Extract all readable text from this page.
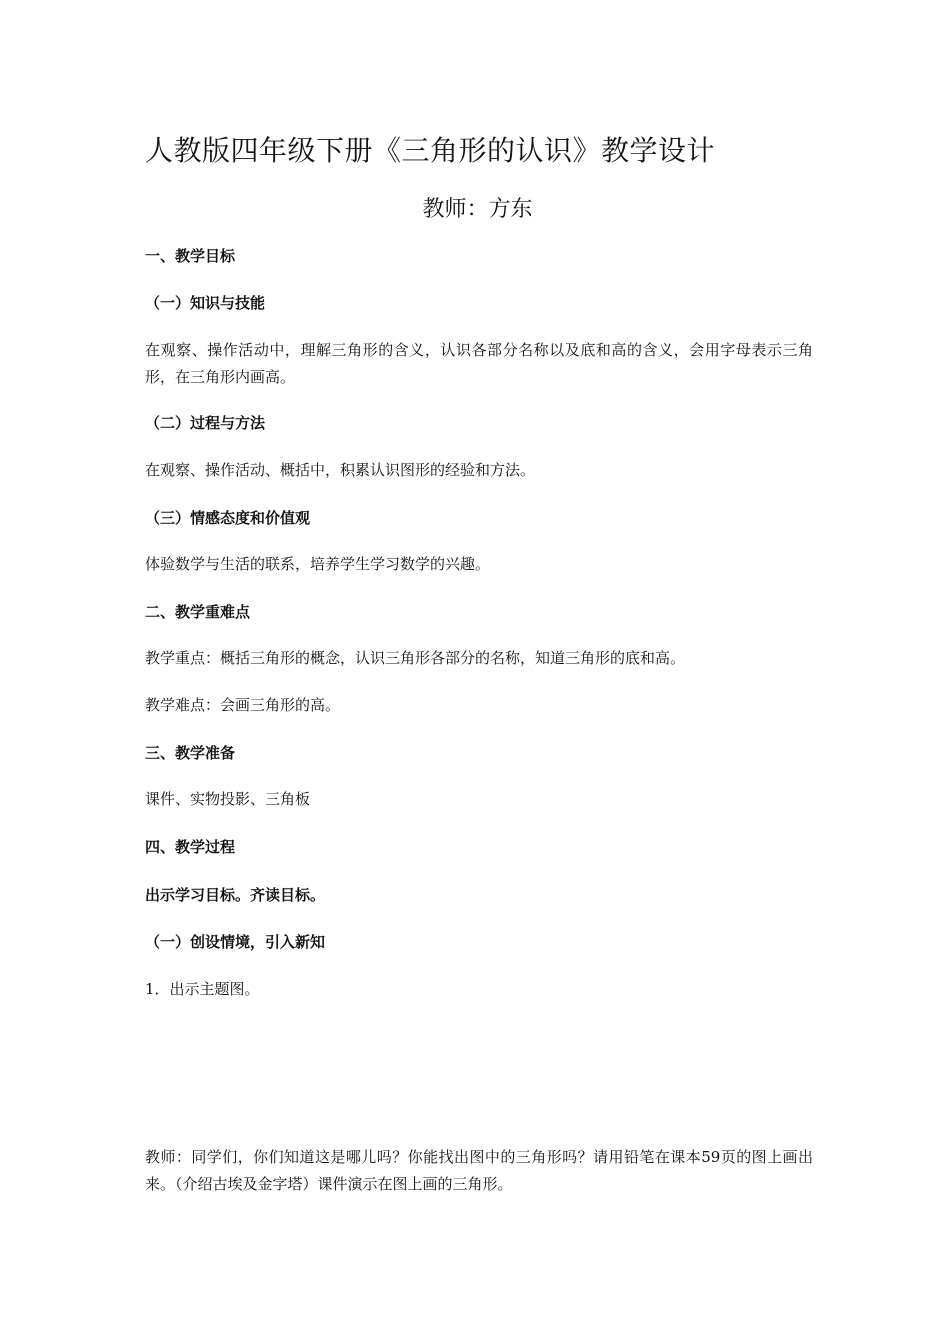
人教版四年级下册《三角形的认识》教学设计
教师：方东
一、教学目标
（一）知识与技能

在观察、操作活动中，理解三角形的含义，认识各部分名称以及底和高的含义，会用字母表示三角形，在三角形内画高。

（二）过程与方法

在观察、操作活动、概括中，积累认识图形的经验和方法。

（三）情感态度和价值观

体验数学与生活的联系，培养学生学习数学的兴趣。

二、教学重难点

教学重点：概括三角形的概念，认识三角形各部分的名称，知道三角形的底和高。

教学难点：会画三角形的高。

三、教学准备

课件、实物投影、三角板

四、教学过程
出示学习目标。齐读目标。
（一）创设情境，引入新知

1．出示主题图。

教师：同学们，你们知道这是哪儿吗？你能找出图中的三角形吗？请用铅笔在课本59页的图上画出来。（介绍古埃及金字塔）课件演示在图上画的三角形。
